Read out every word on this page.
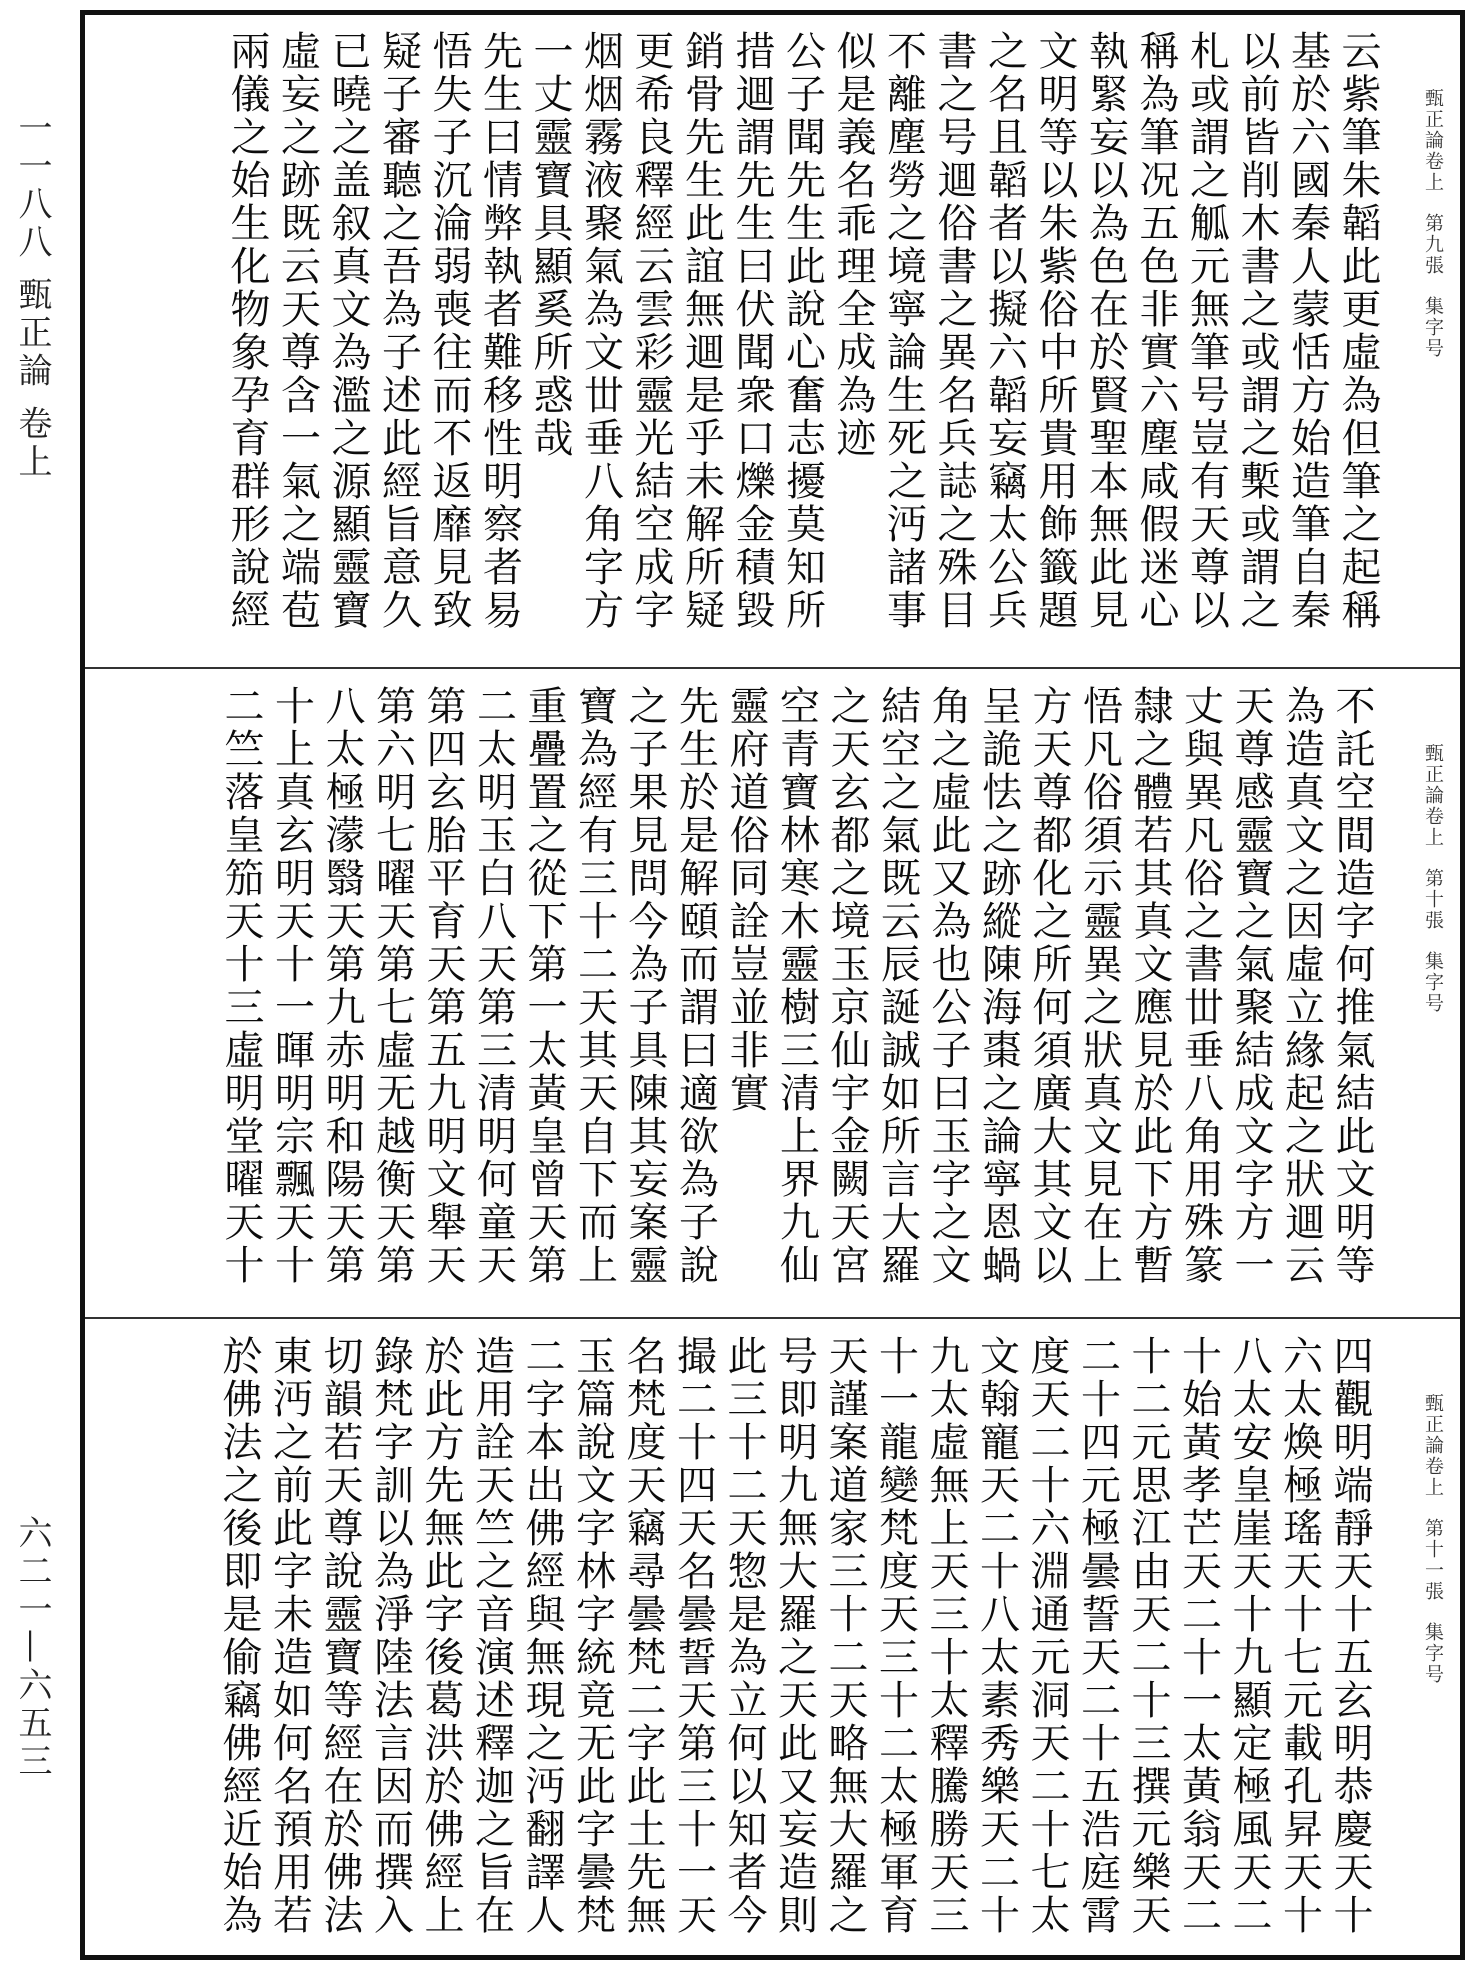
一一八八 甄正論 卷上
六二一—六五三
甄正論卷上 第九張 集字号
云紫筆朱韜此更虛為但筆之起稱
基於六國秦人蒙恬方始造筆自秦
以前皆削木書之或謂之槧或謂之
札或謂之觚元無筆号豈有天尊以
稱為筆况五色非實六塵咸假迷心
執緊妄以為色在於賢聖本無此見
文明等以朱紫俗中所貴用飾籤題
之名且韜者以擬六韜妄竊太公兵
書之号逥俗書之異名兵誌之殊目
不離塵勞之境寧論生死之沔諸事
似是義名乖理全成為迹
公子聞先生此說心奮志擾莫知所
措逥謂先生曰伏聞衆口爍金積毀
銷骨先生此誼無逥是乎未解所疑
更希良釋經云雲彩靈光結空成字
烟烟霧液聚氣為文丗垂八角字方
一丈靈寶具顯奚所惑哉
先生曰情弊執者難移性明察者易
悟失子沉淪弱喪往而不返靡見致
疑子審聽之吾為子述此經旨意久
已曉之盖叙真文為濫之源顯靈寶
虛妄之跡既云天尊含一氣之端苞
兩儀之始生化物象孕育群形說經
甄正論卷上 第十張 集字号
不託空間造字何推氣結此文明等
為造真文之因虛立緣起之狀逥云
天尊感靈寶之氣聚結成文字方一
丈與異凡俗之書丗垂八角用殊篆
隸之體若其真文應見於此下方暫
悟凡俗須示靈異之狀真文見在上
方天尊都化之所何須廣大其文以
呈詭怯之跡縱陳海棗之論寧恩蝸
角之虛此又為也公子曰玉字之文
結空之氣既云辰誕誠如所言大羅
之天玄都之境玉京仙宇金闕天宮
空青寶林寒木靈樹三清上界九仙
靈府道俗同詮豈並非實
先生於是解頤而謂曰適欲為子說
之子果見問今為子具陳其妄案靈
寶為經有三十二天其天自下而上
重疊置之從下第一太黃皇曾天第
二太明玉白八天第三清明何童天
第四玄胎平育天第五九明文舉天
第六明七曜天第七虛无越衡天第
八太極濛翳天第九赤明和陽天第
十上真玄明天十一暉明宗飄天十
二竺落皇笳天十三虛明堂曜天十
甄正論卷上 第十一張 集字号
四觀明端靜天十五玄明恭慶天十
六太煥極瑤天十七元載孔昇天十
八太安皇崖天十九顯定極風天二
十始黃孝芒天二十一太黃翁天二
十二元思江由天二十三撰元樂天
二十四元極曇誓天二十五浩庭霄
度天二十六淵通元洞天二十七太
文翰寵天二十八太素秀樂天二十
九太虛無上天三十太釋騰勝天三
十一龍變梵度天三十二太極軍育
天謹案道家三十二天略無大羅之
号即明九無大羅之天此又妄造則
此三十二天惣是為立何以知者今
撮二十四天名曇誓天第三十一天
名梵度天竊尋曇梵二字此土先無
玉篇說文字林字統竟无此字曇梵
二字本出佛經與無現之沔翻譯人
造用詮天竺之音演述釋迦之旨在
於此方先無此字後葛洪於佛經上
錄梵字訓以為淨陸法言因而撰入
切韻若天尊說靈寶等經在於佛法
東沔之前此字未造如何名預用若
於佛法之後即是偷竊佛經近始為
